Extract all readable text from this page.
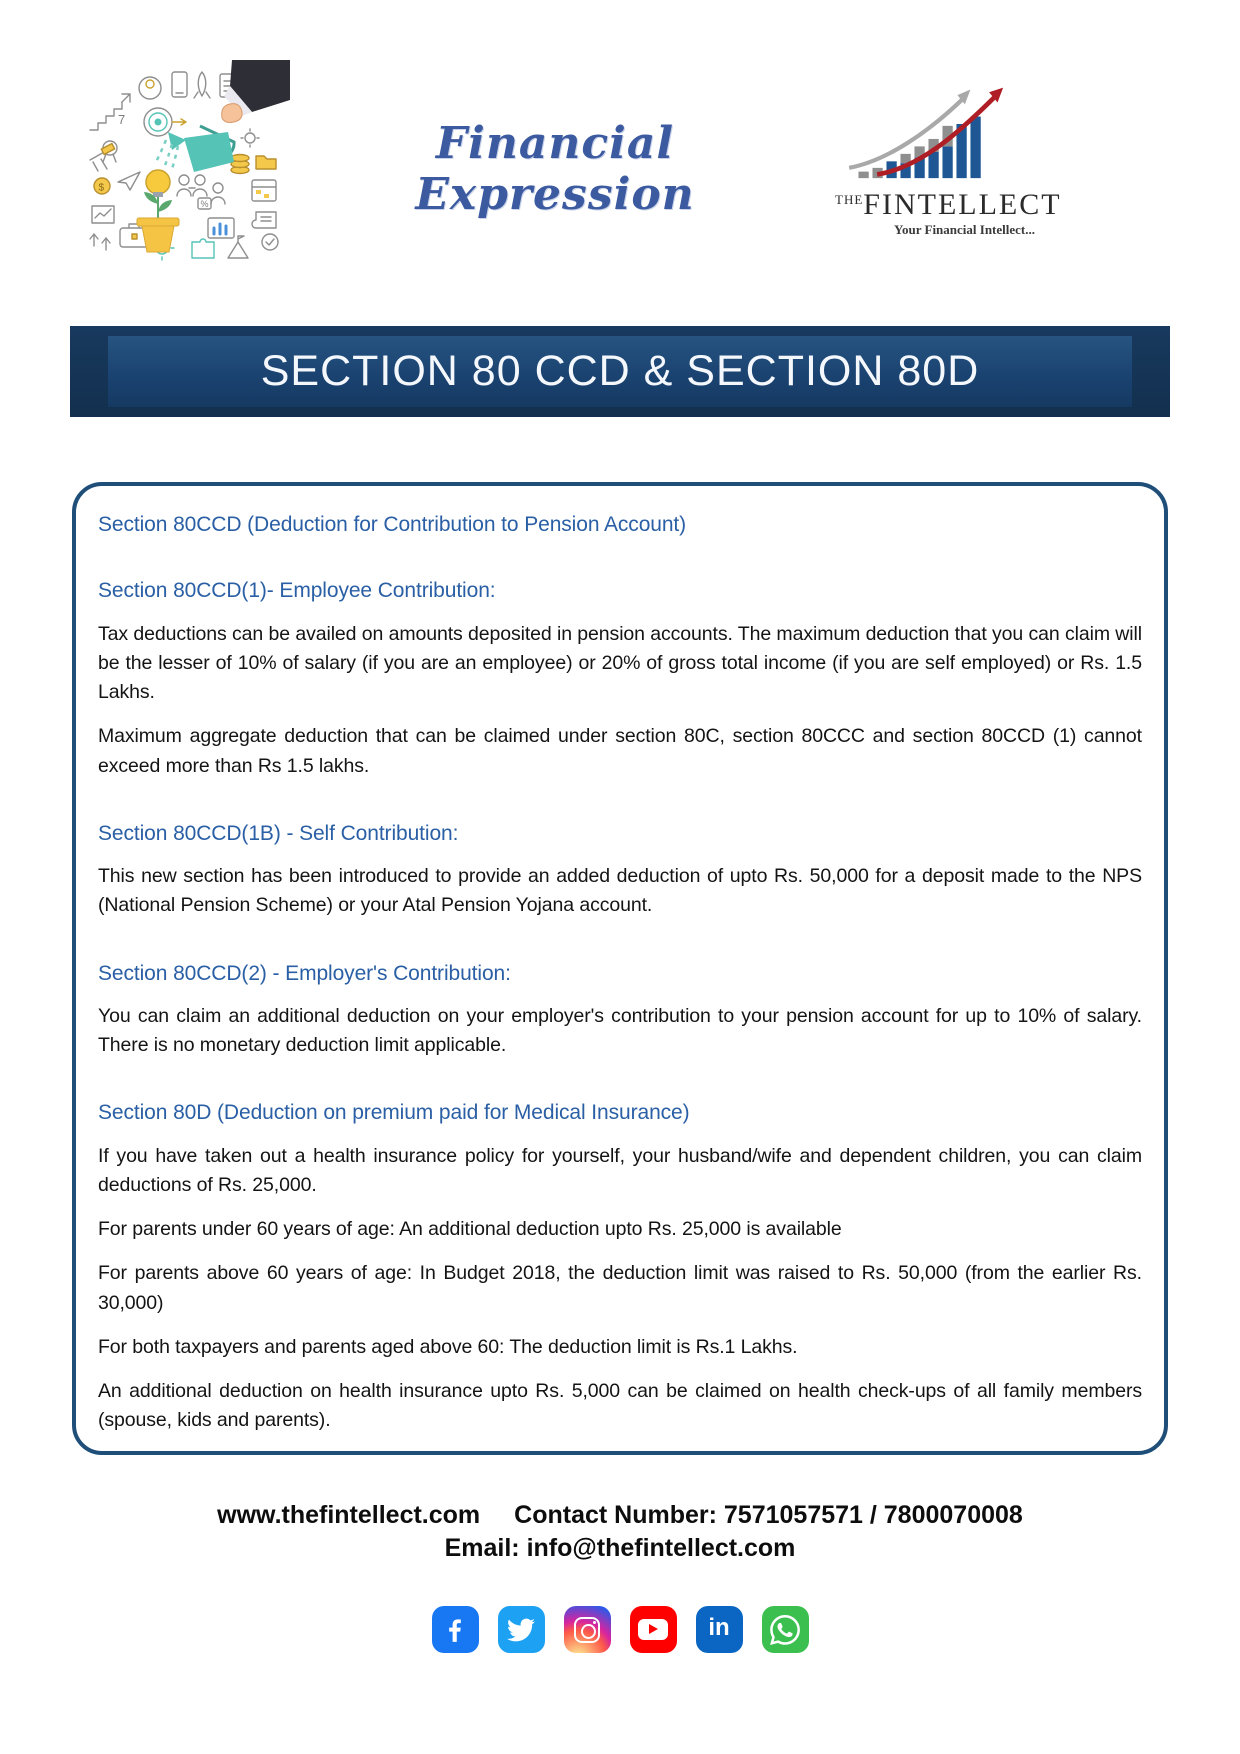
7
$
%
Financial Expression	$^{THE}$FINTELLECT
Your Financial Intellect...
SECTION 80 CCD & SECTION 80D
Section 80CCD (Deduction for Contribution to Pension Account)
Section 80CCD(1)- Employee Contribution:

Tax deductions can be availed on amounts deposited in pension accounts. The maximum deduction that you can claim will be the lesser of 10% of salary (if you are an employee) or 20% of gross total income (if you are self employed) or Rs. 1.5 Lakhs.

Maximum aggregate deduction that can be claimed under section 80C, section 80CCC and section 80CCD (1) cannot exceed more than Rs 1.5 lakhs.

Section 80CCD(1B) - Self Contribution:

This new section has been introduced to provide an added deduction of upto Rs. 50,000 for a deposit made to the NPS (National Pension Scheme) or your Atal Pension Yojana account.

Section 80CCD(2) - Employer's Contribution:

You can claim an additional deduction on your employer's contribution to your pension account for up to 10% of salary. There is no monetary deduction limit applicable.

Section 80D (Deduction on premium paid for Medical Insurance)

If you have taken out a health insurance policy for yourself, your husband/wife and dependent children, you can claim deductions of Rs. 25,000.

For parents under 60 years of age: An additional deduction upto Rs. 25,000 is available

For parents above 60 years of age: In Budget 2018, the deduction limit was raised to Rs. 50,000 (from the earlier Rs. 30,000)

For both taxpayers and parents aged above 60: The deduction limit is Rs.1 Lakhs.

An additional deduction on health insurance upto Rs. 5,000 can be claimed on health check-ups of all family members (spouse, kids and parents).

www.thefintellect.com Contact Number: 7571057571 / 7800070008
Email: info@thefintellect.com
in
